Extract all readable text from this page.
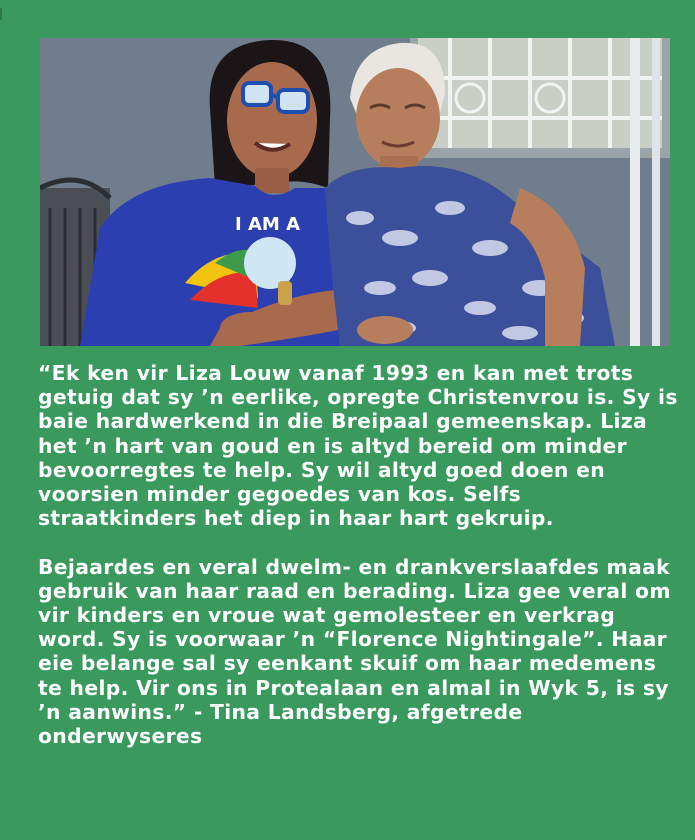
I AM A

“Ek ken vir Liza Louw vanaf 1993 en kan met trots
getuig dat sy ’n eerlike, opregte Christenvrou is. Sy is
baie hardwerkend in die Breipaal gemeenskap. Liza
het ’n hart van goud en is altyd bereid om minder
bevoorregtes te help. Sy wil altyd goed doen en
voorsien minder gegoedes van kos. Selfs
straatkinders het diep in haar hart gekruip.

Bejaardes en veral dwelm- en drankverslaafdes maak
gebruik van haar raad en berading. Liza gee veral om
vir kinders en vroue wat gemolesteer en verkrag
word. Sy is voorwaar ’n “Florence Nightingale”. Haar
eie belange sal sy eenkant skuif om haar medemens
te help. Vir ons in Protealaan en almal in Wyk 5, is sy
’n aanwins.” - Tina Landsberg, afgetrede
onderwyseres
